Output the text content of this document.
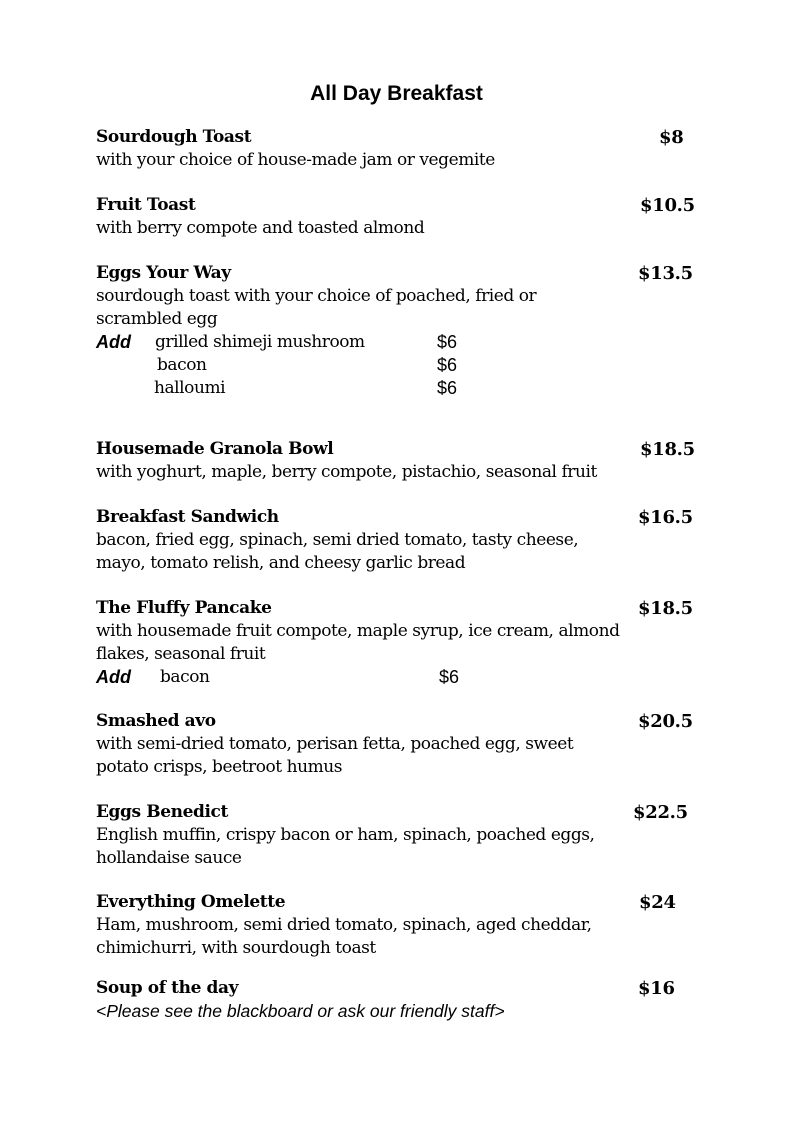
All Day Breakfast
Sourdough Toast	$8
with your choice of house-made jam or vegemite
Fruit Toast	$10.5
with berry compote and toasted almond
Eggs Your Way	$13.5
sourdough toast with your choice of poached, fried or
scrambled egg
Add grilled shimeji mushroom	$6
bacon	$6
halloumi	$6
Housemade Granola Bowl	$18.5
with yoghurt, maple, berry compote, pistachio, seasonal fruit
Breakfast Sandwich	$16.5
bacon, fried egg, spinach, semi dried tomato, tasty cheese,
mayo, tomato relish, and cheesy garlic bread
The Fluffy Pancake	$18.5
with housemade fruit compote, maple syrup, ice cream, almond
flakes, seasonal fruit
Add bacon	$6
Smashed avo	$20.5
with semi-dried tomato, perisan fetta, poached egg, sweet
potato crisps, beetroot humus
Eggs Benedict	$22.5
English muffin, crispy bacon or ham, spinach, poached eggs,
hollandaise sauce
Everything Omelette	$24
Ham, mushroom, semi dried tomato, spinach, aged cheddar,
chimichurri, with sourdough toast
Soup of the day	$16
<Please see the blackboard or ask our friendly staff>
